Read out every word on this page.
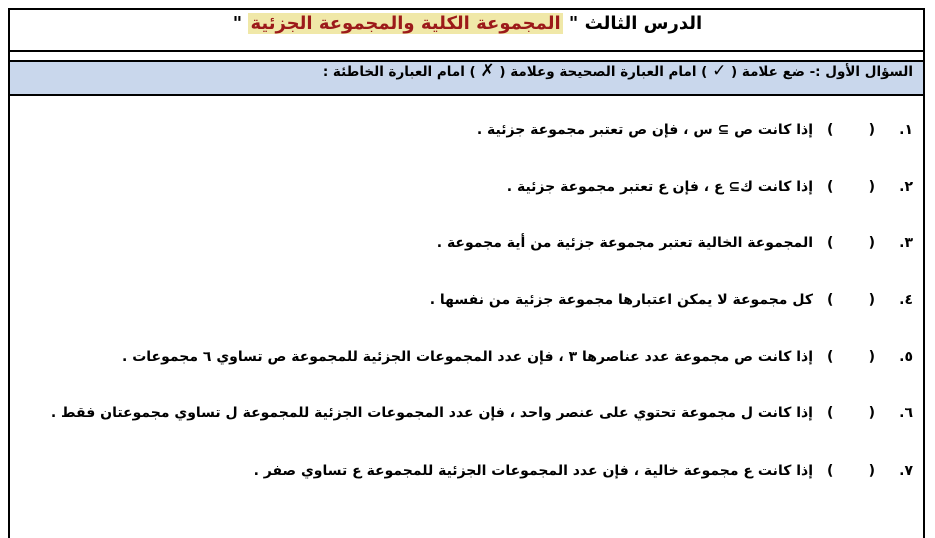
الدرس الثالث " المجموعة الكلية والمجموعة الجزئية "
السؤال الأول :- ضع علامة ( ✓ ) امام العبارة الصحيحة وعلامة ( ✗ ) امام العبارة الخاطئة :
١.
(
)
إذا كانت ص ⊇ س ، فإن ص تعتبر مجموعة جزئية .
٢.
(
)
إذا كانت ك⊇ ع ، فإن ع تعتبر مجموعة جزئية .
٣.
(
)
المجموعة الخالية تعتبر مجموعة جزئية من أية مجموعة .
٤.
(
)
كل مجموعة لا يمكن اعتبارها مجموعة جزئية من نفسها .
٥.
(
)
إذا كانت ص مجموعة عدد عناصرها ٣ ، فإن عدد المجموعات الجزئية للمجموعة ص تساوي ٦ مجموعات .
٦.
(
)
إذا كانت ل مجموعة تحتوي على عنصر واحد ، فإن عدد المجموعات الجزئية للمجموعة ل تساوي مجموعتان فقط .
٧.
(
)
إذا كانت ع مجموعة خالية ، فإن عدد المجموعات الجزئية للمجموعة ع تساوي صفر .
